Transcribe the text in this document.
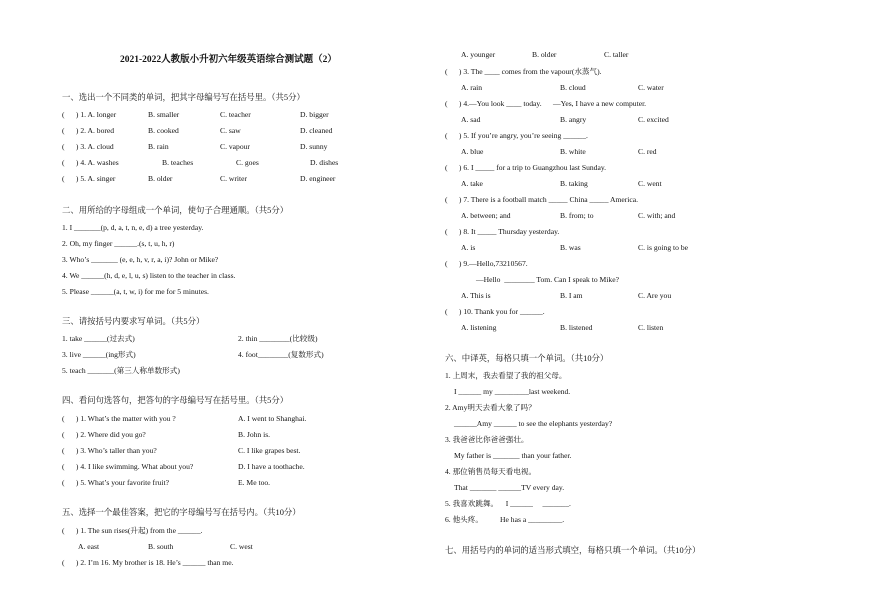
2021-2022人教版小升初六年级英语综合测试题（2）
一、选出一个不同类的单词，把其字母编号写在括号里。（共5分）
(      ) 1. A. longer	B. smaller	C. teacher	D. bigger
(      ) 2. A. bored	B. cooked	C. saw	D. cleaned
(      ) 3. A. cloud	B. rain	C. vapour	D. sunny
(      ) 4. A. washes	B. teaches	C. goes	D. dishes
(      ) 5. A. singer	B. older	C. writer	D. engineer
二、用所给的字母组成一个单词，使句子合理通顺。（共5分）
1. I _______(p, d, a, t, n, e, d) a tree yesterday.
2. Oh, my finger ______.(s, t, u, h, r)
3. Who’s _______ (e, e, h, v, r, a, i)? John or Mike?
4. We ______(h, d, e, l, u, s) listen to the teacher in class.
5. Please ______(a, t, w, i) for me for 5 minutes.
三、请按括号内要求写单词。（共5分）
1. take ______(过去式)	2. thin ________(比较级)
3. live ______(ing形式)	4. foot________(复数形式)
5. teach _______(第三人称单数形式)
四、看问句选答句，把答句的字母编号写在括号里。（共5分）
(      ) 1. What’s the matter with you ?	A. I went to Shanghai.
(      ) 2. Where did you go?	B. John is.
(      ) 3. Who’s taller than you?	C. I like grapes best.
(      ) 4. I like swimming. What about you?	D. I have a toothache.
(      ) 5. What’s your favorite fruit?	E. Me too.
五、选择一个最佳答案，把它的字母编号写在括号内。（共10分）
(      ) 1. The sun rises(升起) from the ______.
A. east	B. south	C. west
(      ) 2. I’m 16. My brother is 18. He’s ______ than me.
A. younger	B. older	C. taller
(      ) 3. The ____ comes from the vapour(水蒸气).
A. rain	B. cloud	C. water
(      ) 4.—You look ____ today.      —Yes, I have a new computer.
A. sad	B. angry	C. excited
(      ) 5. If you’re angry, you’re seeing ______.
A. blue	B. white	C. red
(      ) 6. I _____ for a trip to Guangzhou last Sunday.
A. take	B. taking	C. went
(      ) 7. There is a football match _____ China _____ America.
A. between; and	B. from; to	C. with; and
(      ) 8. It _____ Thursday yesterday.
A. is	B. was	C. is going to be
(      ) 9.—Hello,73210567.
—Hello  ________ Tom. Can I speak to Mike?
A. This is	B. I am	C. Are you
(      ) 10. Thank you for ______.
A. listening	B. listened	C. listen
六、中译英，每格只填一个单词。（共10分）
1. 上周末，我去看望了我的祖父母。
I ______ my _________last weekend.
2. Amy明天去看大象了吗？
______Amy ______ to see the elephants yesterday?
3. 我爸爸比你爸爸强壮。
My father is _______ than your father.
4. 那位销售员每天看电视。
That _______ ______TV every day.
5. 我喜欢跳舞。    I ______     _______.
6. 他头疼。         He has a _________.
七、用括号内的单词的适当形式填空，每格只填一个单词。（共10分）
